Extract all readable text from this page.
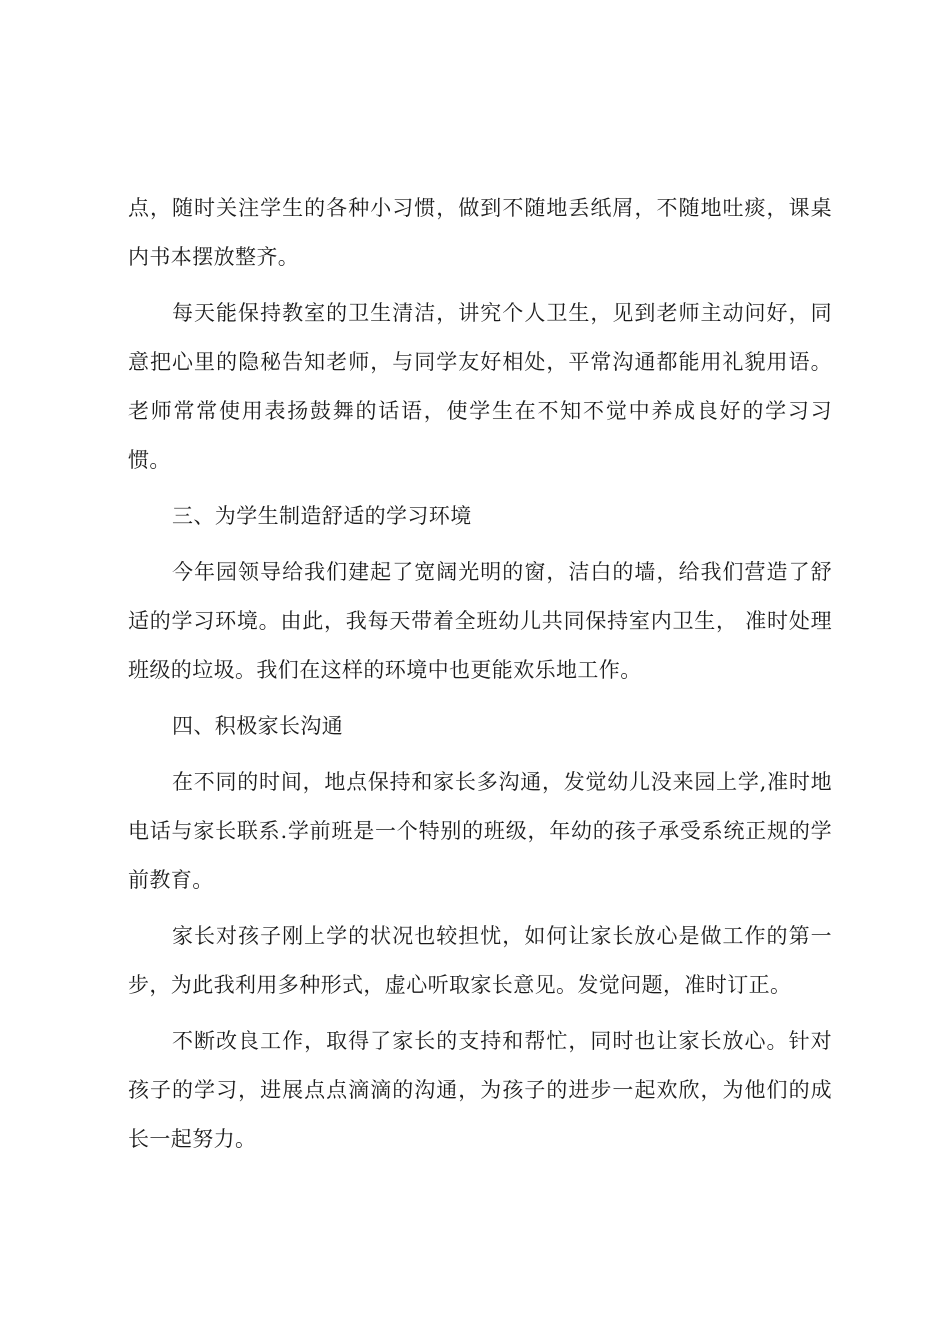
点，随时关注学生的各种小习惯，做到不随地丢纸屑，不随地吐痰，课桌内书本摆放整齐。

每天能保持教室的卫生清洁，讲究个人卫生，见到老师主动问好，同意把心里的隐秘告知老师，与同学友好相处，平常沟通都能用礼貌用语。老师常常使用表扬鼓舞的话语，使学生在不知不觉中养成良好的学习习惯。

三、为学生制造舒适的学习环境

今年园领导给我们建起了宽阔光明的窗，洁白的墙，给我们营造了舒适的学习环境。由此，我每天带着全班幼儿共同保持室内卫生， 准时处理班级的垃圾。我们在这样的环境中也更能欢乐地工作。

四、积极家长沟通

在不同的时间，地点保持和家长多沟通，发觉幼儿没来园上学,准时地电话与家长联系.学前班是一个特别的班级，年幼的孩子承受系统正规的学前教育。

家长对孩子刚上学的状况也较担忧，如何让家长放心是做工作的第一步，为此我利用多种形式，虚心听取家长意见。发觉问题，准时订正。

不断改良工作，取得了家长的支持和帮忙，同时也让家长放心。针对孩子的学习，进展点点滴滴的沟通，为孩子的进步一起欢欣，为他们的成长一起努力。
